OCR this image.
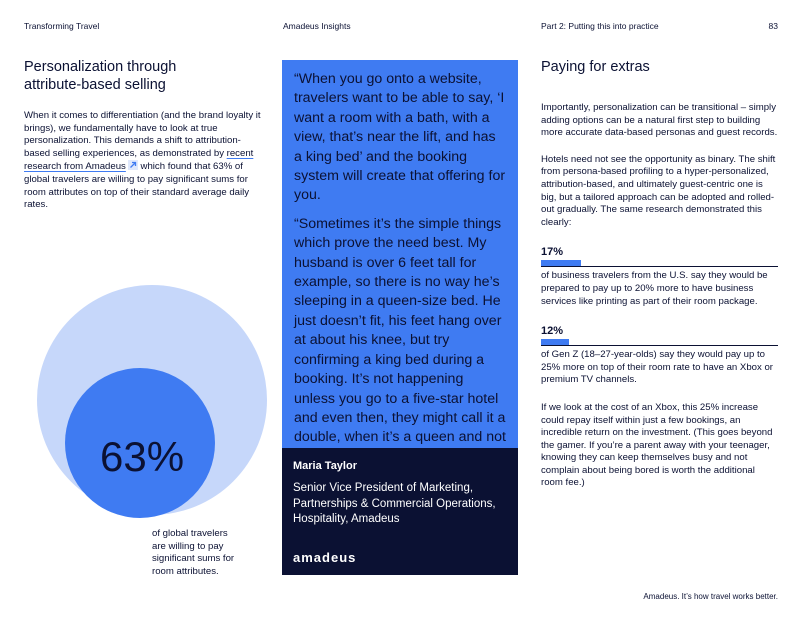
Transforming Travel	Amadeus Insights	Part 2: Putting this into practice	83
Personalization through
attribute-based selling

When it comes to differentiation (and the brand loyalty it brings), we fundamentally have to look at true personalization. This demands a shift to attribution-based selling experiences, as demonstrated by recent research from Amadeus which found that 63% of global travelers are willing to pay significant sums for room attributes on top of their standard average daily rates.

63%
of global travelers
are willing to pay
significant sums for
room attributes.

“When you go onto a website, travelers want to be able to say, ‘I want a room with a bath, with a view, that’s near the lift, and has a king bed’ and the booking system will create that offering for you.

“Sometimes it’s the simple things which prove the need best. My husband is over 6 feet tall for example, so there is no way he’s sleeping in a queen-size bed. He just doesn’t fit, his feet hang over at about his knee, but try confirming a king bed during a booking. It’s not happening unless you go to a five-star hotel and even then, they might call it a double, when it’s a queen and not

Maria Taylor

Senior Vice President of Marketing, Partnerships & Commercial Operations, Hospitality, Amadeus

amadeus
Paying for extras

Importantly, personalization can be transitional – simply adding options can be a natural first step to building more accurate data-based personas and guest records.

Hotels need not see the opportunity as binary. The shift from persona-based profiling to a hyper-personalized, attribution-based, and ultimately guest-centric one is big, but a tailored approach can be adopted and rolled-out gradually. The same research demonstrated this clearly:

17%

of business travelers from the U.S. say they would be prepared to pay up to 20% more to have business services like printing as part of their room package.

12%

of Gen Z (18–27-year-olds) say they would pay up to 25% more on top of their room rate to have an Xbox or premium TV channels.

If we look at the cost of an Xbox, this 25% increase could repay itself within just a few bookings, an incredible return on the investment. (This goes beyond the gamer. If you’re a parent away with your teenager, knowing they can keep themselves busy and not complain about being bored is worth the additional room fee.)

Amadeus. It’s how travel works better.
